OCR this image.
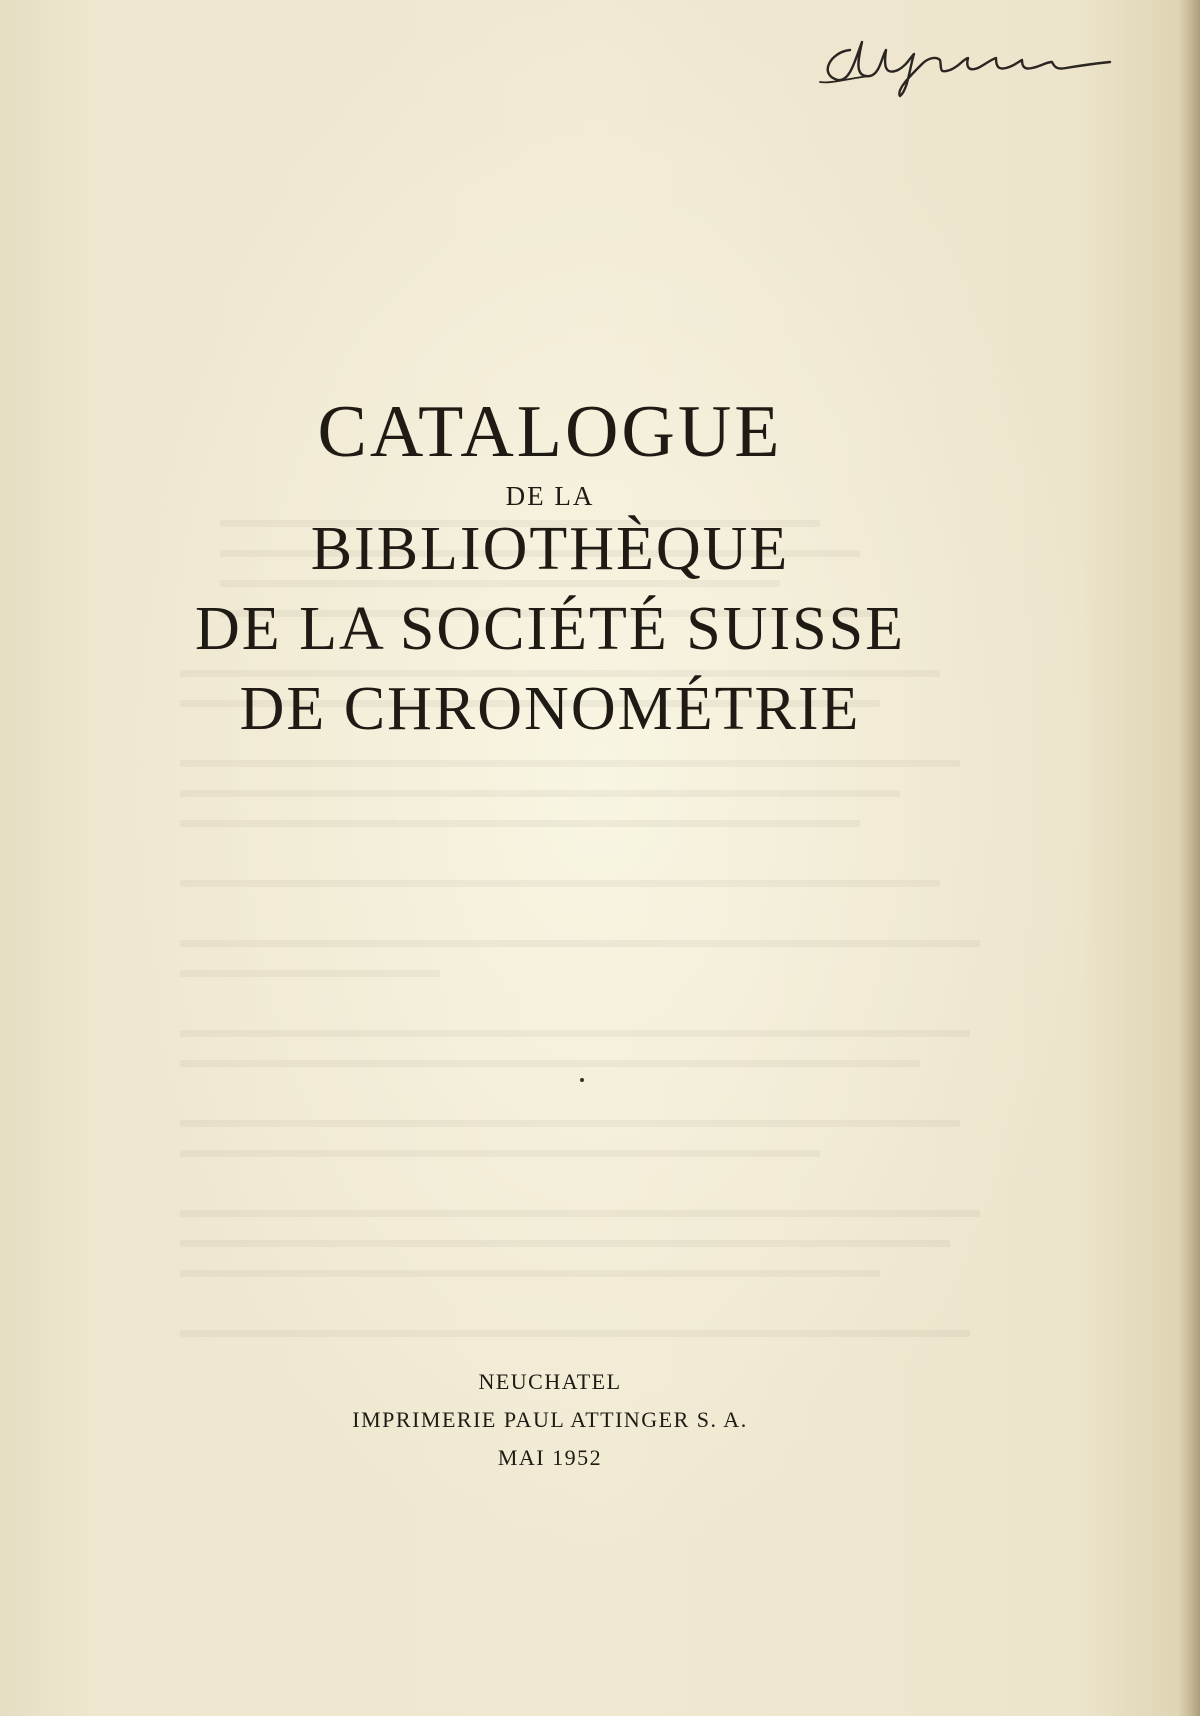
CATALOGUE
DE LA
BIBLIOTHÈQUE
DE LA SOCIÉTÉ SUISSE
DE CHRONOMÉTRIE
NEUCHATEL
IMPRIMERIE PAUL ATTINGER S. A.
MAI 1952
